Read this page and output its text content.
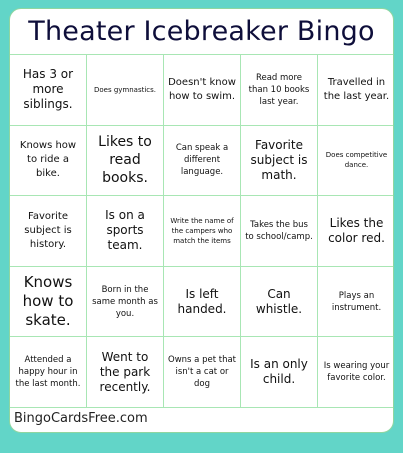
Theater Icebreaker Bingo
Has 3 or more siblings.
Does gymnastics.
Doesn't know how to swim.
Read more than 10 books last year.
Travelled in the last year.
Knows how to ride a bike.
Likes to read books.
Can speak a different language.
Favorite subject is math.
Does competitive dance.
Favorite subject is history.
Is on a sports team.
Write the name of the campers who match the items
Takes the bus to school/camp.
Likes the color red.
Knows how to skate.
Born in the same month as you.
Is left handed.
Can whistle.
Plays an instrument.
Attended a happy hour in the last month.
Went to the park recently.
Owns a pet that isn't a cat or dog
Is an only child.
Is wearing your favorite color.
BingoCardsFree.com
